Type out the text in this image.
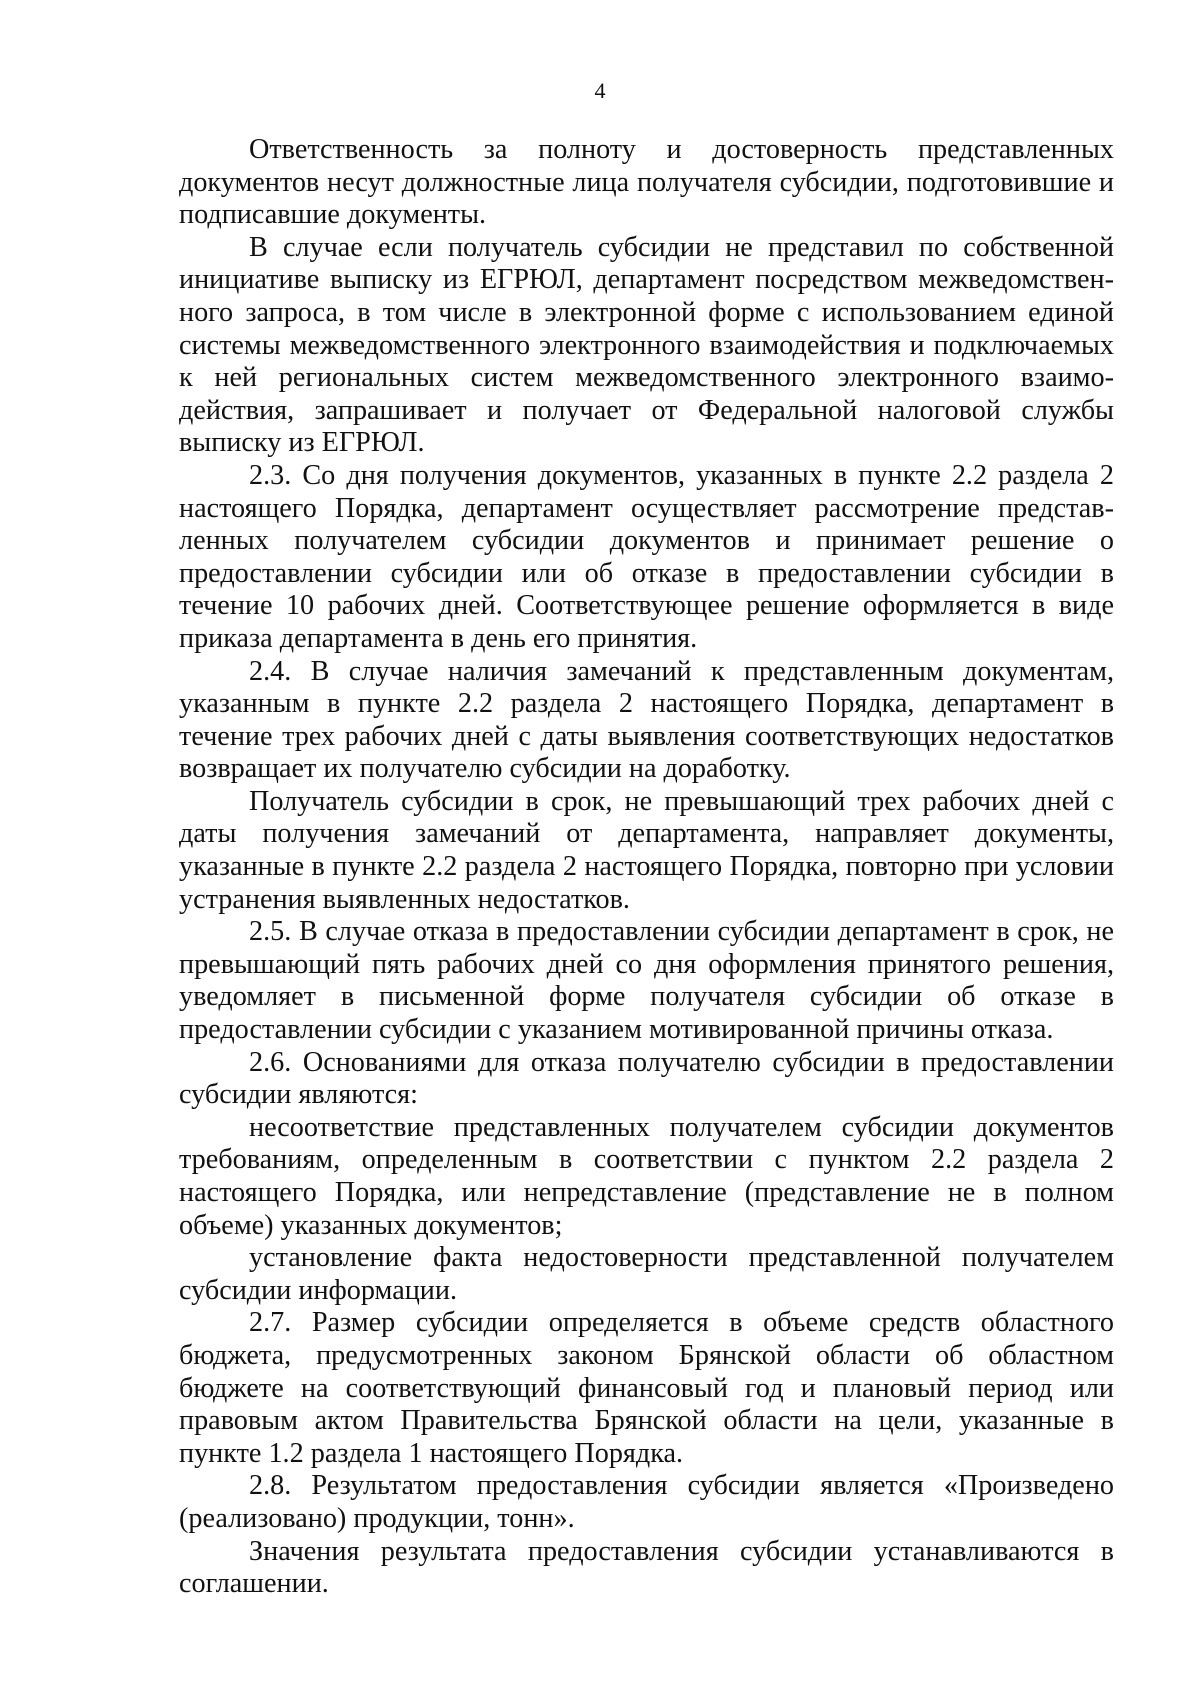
4

Ответственность за полноту и достоверность представленных документов несут должностные лица получателя субсидии, подготовившие и подписавшие документы.

В случае если получатель субсидии не представил по собственной инициативе выписку из ЕГРЮЛ, департамент посредством межведомственного запроса, в том числе в электронной форме с использованием единой системы межведомственного электронного взаимодействия и подключаемых к ней региональных систем межведомственного электронного взаимодействия, запрашивает и получает от Федеральной налоговой службы выписку из ЕГРЮЛ.

2.3. Со дня получения документов, указанных в пункте 2.2 раздела 2 настоящего Порядка, департамент осуществляет рассмотрение представленных получателем субсидии документов и принимает решение о предоставлении субсидии или об отказе в предоставлении субсидии в течение 10 рабочих дней. Соответствующее решение оформляется в виде приказа департамента в день его принятия.

2.4. В случае наличия замечаний к представленным документам, указанным в пункте 2.2 раздела 2 настоящего Порядка, департамент в течение трех рабочих дней с даты выявления соответствующих недостатков возвращает их получателю субсидии на доработку.

Получатель субсидии в срок, не превышающий трех рабочих дней с даты получения замечаний от департамента, направляет документы, указанные в пункте 2.2 раздела 2 настоящего Порядка, повторно при условии устранения выявленных недостатков.

2.5. В случае отказа в предоставлении субсидии департамент в срок, не превышающий пять рабочих дней со дня оформления принятого решения, уведомляет в письменной форме получателя субсидии об отказе в предоставлении субсидии с указанием мотивированной причины отказа.

2.6. Основаниями для отказа получателю субсидии в предоставлении субсидии являются:

несоответствие представленных получателем субсидии документов требованиям, определенным в соответствии с пунктом 2.2 раздела 2 настоящего Порядка, или непредставление (представление не в полном объеме) указанных документов;

установление факта недостоверности представленной получателем субсидии информации.

2.7. Размер субсидии определяется в объеме средств областного бюджета, предусмотренных законом Брянской области об областном бюджете на соответствующий финансовый год и плановый период или правовым актом Правительства Брянской области на цели, указанные в пункте 1.2 раздела 1 настоящего Порядка.

2.8. Результатом предоставления субсидии является «Произведено (реализовано) продукции, тонн».

Значения результата предоставления субсидии устанавливаются в соглашении.
